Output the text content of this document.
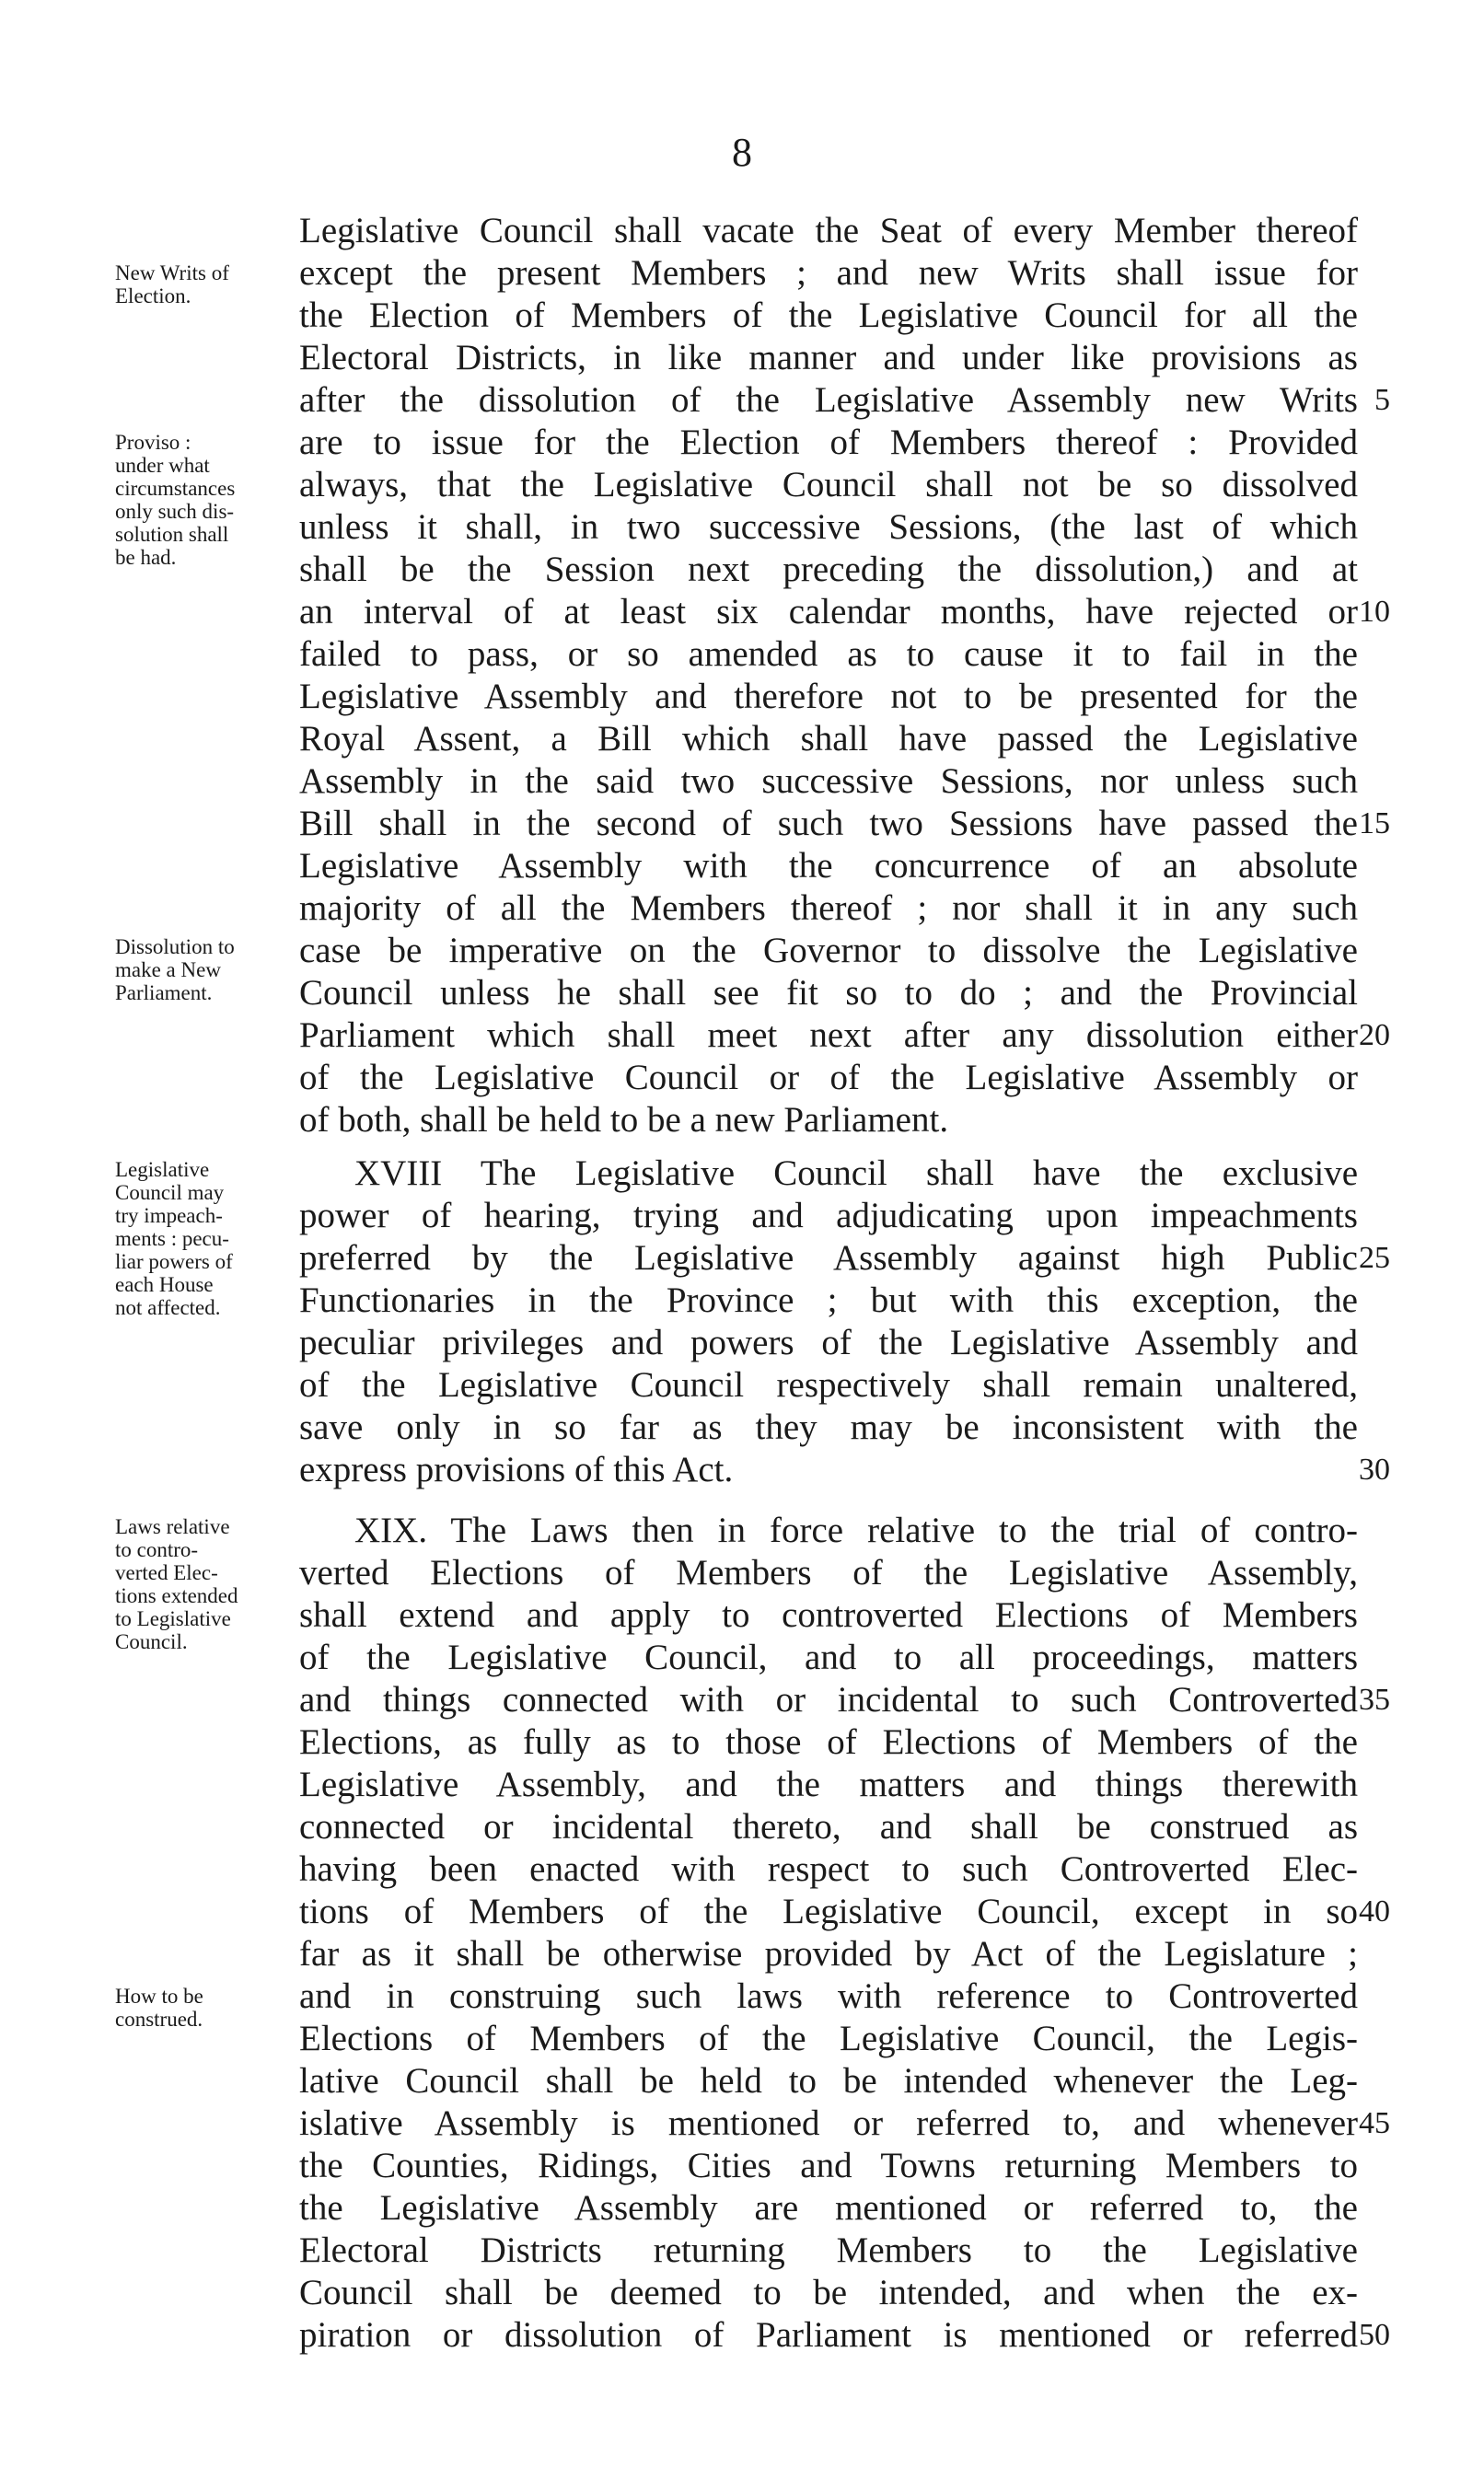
8
Legislative Council shall vacate the Seat of every Member thereof
except the present Members ; and new Writs shall issue for
the Election of Members of the Legislative Council for all the
Electoral Districts, in like manner and under like provisions as
after the dissolution of the Legislative Assembly new Writs
are to issue for the Election of Members thereof : Provided
always, that the Legislative Council shall not be so dissolved
unless it shall, in two successive Sessions, (the last of which
shall be the Session next preceding the dissolution,) and at
an interval of at least six calendar months, have rejected or
failed to pass, or so amended as to cause it to fail in the
Legislative Assembly and therefore not to be presented for the
Royal Assent, a Bill which shall have passed the Legislative
Assembly in the said two successive Sessions, nor unless such
Bill shall in the second of such two Sessions have passed the
Legislative Assembly with the concurrence of an absolute
majority of all the Members thereof ; nor shall it in any such
case be imperative on the Governor to dissolve the Legislative
Council unless he shall see fit so to do ; and the Provincial
Parliament which shall meet next after any dissolution either
of the Legislative Council or of the Legislative Assembly or
of both, shall be held to be a new Parliament.
5
10
15
20
New Writs of
Election.
Proviso :
under what
circumstances
only such dis-
solution shall
be had.
Dissolution to
make a New
Parliament.
XVIII The Legislative Council shall have the exclusive
power of hearing, trying and adjudicating upon impeachments
preferred by the Legislative Assembly against high Public
Functionaries in the Province ; but with this exception, the
peculiar privileges and powers of the Legislative Assembly and
of the Legislative Council respectively shall remain unaltered,
save only in so far as they may be inconsistent with the
express provisions of this Act.
25
30
Legislative
Council may
try impeach-
ments : pecu-
liar powers of
each House
not affected.
XIX. The Laws then in force relative to the trial of contro-
verted Elections of Members of the Legislative Assembly,
shall extend and apply to controverted Elections of Members
of the Legislative Council, and to all proceedings, matters
and things connected with or incidental to such Controverted
Elections, as fully as to those of Elections of Members of the
Legislative Assembly, and the matters and things therewith
connected or incidental thereto, and shall be construed as
having been enacted with respect to such Controverted Elec-
tions of Members of the Legislative Council, except in so
far as it shall be otherwise provided by Act of the Legislature ;
and in construing such laws with reference to Controverted
Elections of Members of the Legislative Council, the Legis-
lative Council shall be held to be intended whenever the Leg-
islative Assembly is mentioned or referred to, and whenever
the Counties, Ridings, Cities and Towns returning Members to
the Legislative Assembly are mentioned or referred to, the
Electoral Districts returning Members to the Legislative
Council shall be deemed to be intended, and when the ex-
piration or dissolution of Parliament is mentioned or referred
35
40
45
50
Laws relative
to contro-
verted Elec-
tions extended
to Legislative
Council.
How to be
construed.
